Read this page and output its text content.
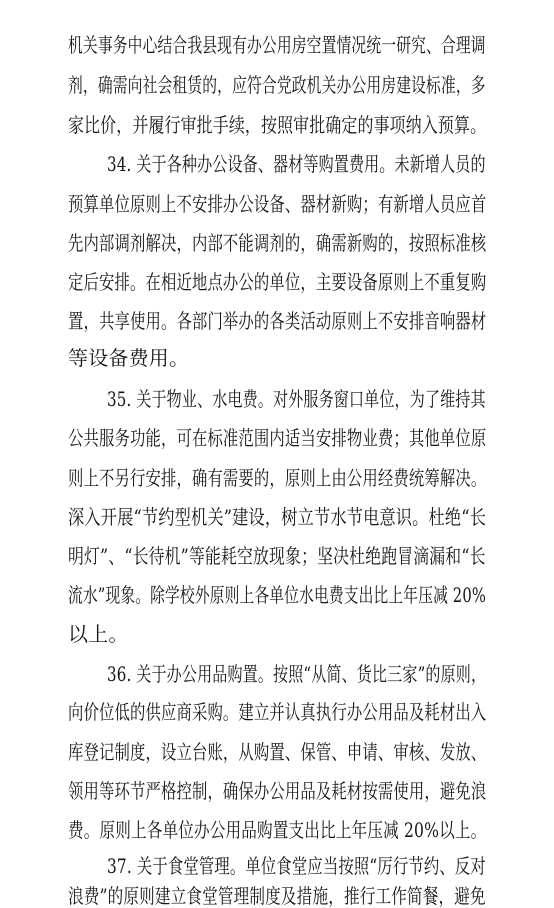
机关事务中心结合我县现有办公用房空置情况统一研究、合理调
剂，确需向社会租赁的，应符合党政机关办公用房建设标准，多
家比价，并履行审批手续，按照审批确定的事项纳入预算。
34. 关于各种办公设备、器材等购置费用。未新增人员的
预算单位原则上不安排办公设备、器材新购；有新增人员应首
先内部调剂解决，内部不能调剂的，确需新购的，按照标准核
定后安排。在相近地点办公的单位，主要设备原则上不重复购
置，共享使用。各部门举办的各类活动原则上不安排音响器材
等设备费用。
35. 关于物业、水电费。对外服务窗口单位，为了维持其
公共服务功能，可在标准范围内适当安排物业费；其他单位原
则上不另行安排，确有需要的，原则上由公用经费统筹解决。
深入开展“节约型机关”建设，树立节水节电意识。杜绝“长
明灯”、“长待机”等能耗空放现象；坚决杜绝跑冒滴漏和“长
流水”现象。除学校外原则上各单位水电费支出比上年压减 20%
以上。
36. 关于办公用品购置。按照“从简、货比三家”的原则，
向价位低的供应商采购。建立并认真执行办公用品及耗材出入
库登记制度，设立台账，从购置、保管、申请、审核、发放、
领用等环节严格控制，确保办公用品及耗材按需使用，避免浪
费。原则上各单位办公用品购置支出比上年压减 20%以上。
37. 关于食堂管理。单位食堂应当按照“厉行节约、反对
浪费”的原则建立食堂管理制度及措施，推行工作简餐，避免
